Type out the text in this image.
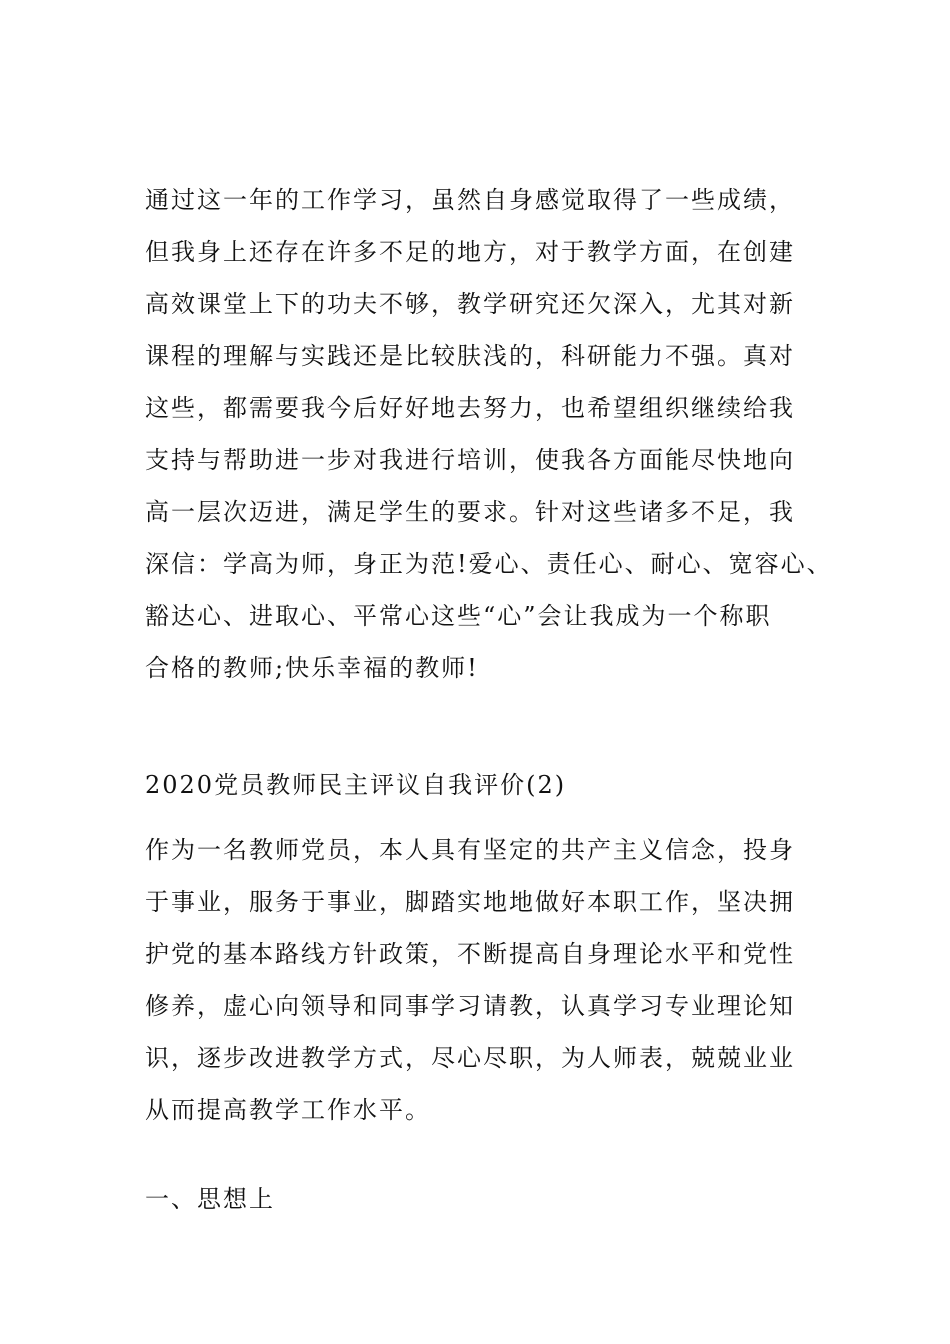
通过这一年的工作学习，虽然自身感觉取得了一些成绩，
但我身上还存在许多不足的地方，对于教学方面，在创建
高效课堂上下的功夫不够，教学研究还欠深入，尤其对新
课程的理解与实践还是比较肤浅的，科研能力不强。真对
这些，都需要我今后好好地去努力，也希望组织继续给我
支持与帮助进一步对我进行培训，使我各方面能尽快地向
高一层次迈进，满足学生的要求。针对这些诸多不足，我
深信：学高为师，身正为范!爱心、责任心、耐心、宽容心、
豁达心、进取心、平常心这些“心”会让我成为一个称职
合格的教师;快乐幸福的教师!
2020党员教师民主评议自我评价(2)
作为一名教师党员，本人具有坚定的共产主义信念，投身
于事业，服务于事业，脚踏实地地做好本职工作，坚决拥
护党的基本路线方针政策，不断提高自身理论水平和党性
修养，虚心向领导和同事学习请教，认真学习专业理论知
识，逐步改进教学方式，尽心尽职，为人师表，兢兢业业
从而提高教学工作水平。
一、思想上
